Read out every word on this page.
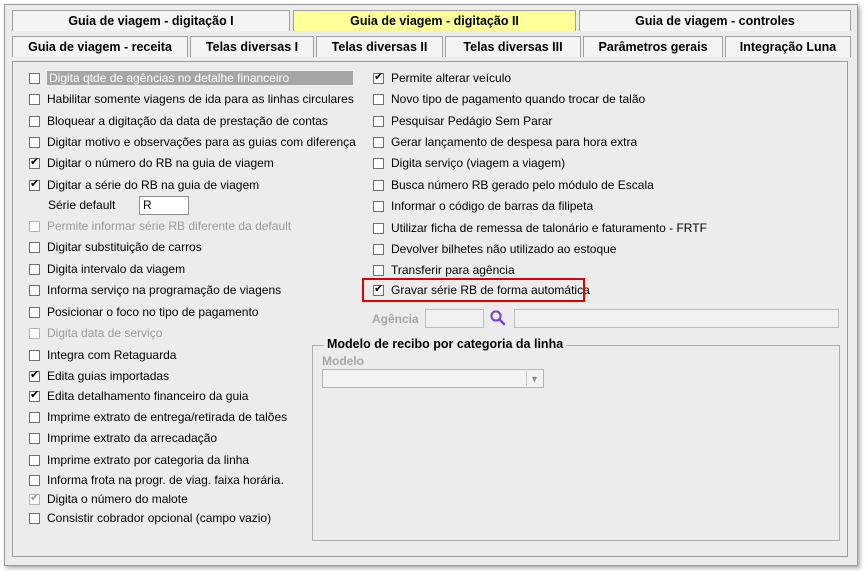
Guia de viagem - digitação I	Guia de viagem - digitação II	Guia de viagem - controles
Guia de viagem - receita	Telas diversas I	Telas diversas II	Telas diversas III	Parâmetros gerais	Integração Luna
Digita qtde de agências no detalhe financeiro
Habilitar somente viagens de ida para as linhas circulares
Bloquear a digitação da data de prestação de contas
Digitar motivo e observações para as guias com diferença
✔
Digitar o número do RB na guia de viagem
✔
Digitar a série do RB na guia de viagem
Série default	R
Permite informar série RB diferente da default
Digitar substituição de carros
Digita intervalo da viagem
Informa serviço na programação de viagens
Posicionar o foco no tipo de pagamento
Digita data de serviço
Integra com Retaguarda
✔
Edita guias importadas
✔
Edita detalhamento financeiro da guia
Imprime extrato de entrega/retirada de talões
Imprime extrato da arrecadação
Imprime extrato por categoria da linha
Informa frota na progr. de viag. faixa horária.
✔
Digita o número do malote
Consistir cobrador opcional (campo vazio)
✔
Permite alterar veículo
Novo tipo de pagamento quando trocar de talão
Pesquisar Pedágio Sem Parar
Gerar lançamento de despesa para hora extra
Digita serviço (viagem a viagem)
Busca número RB gerado pelo módulo de Escala
Informar o código de barras da filipeta
Utilizar ficha de remessa de talonário e faturamento - FRTF
Devolver bilhetes não utilizado ao estoque
Transferir para agência
✔
Gravar série RB de forma automática
Agência
Modelo de recibo por categoria da linha
Modelo
▼
